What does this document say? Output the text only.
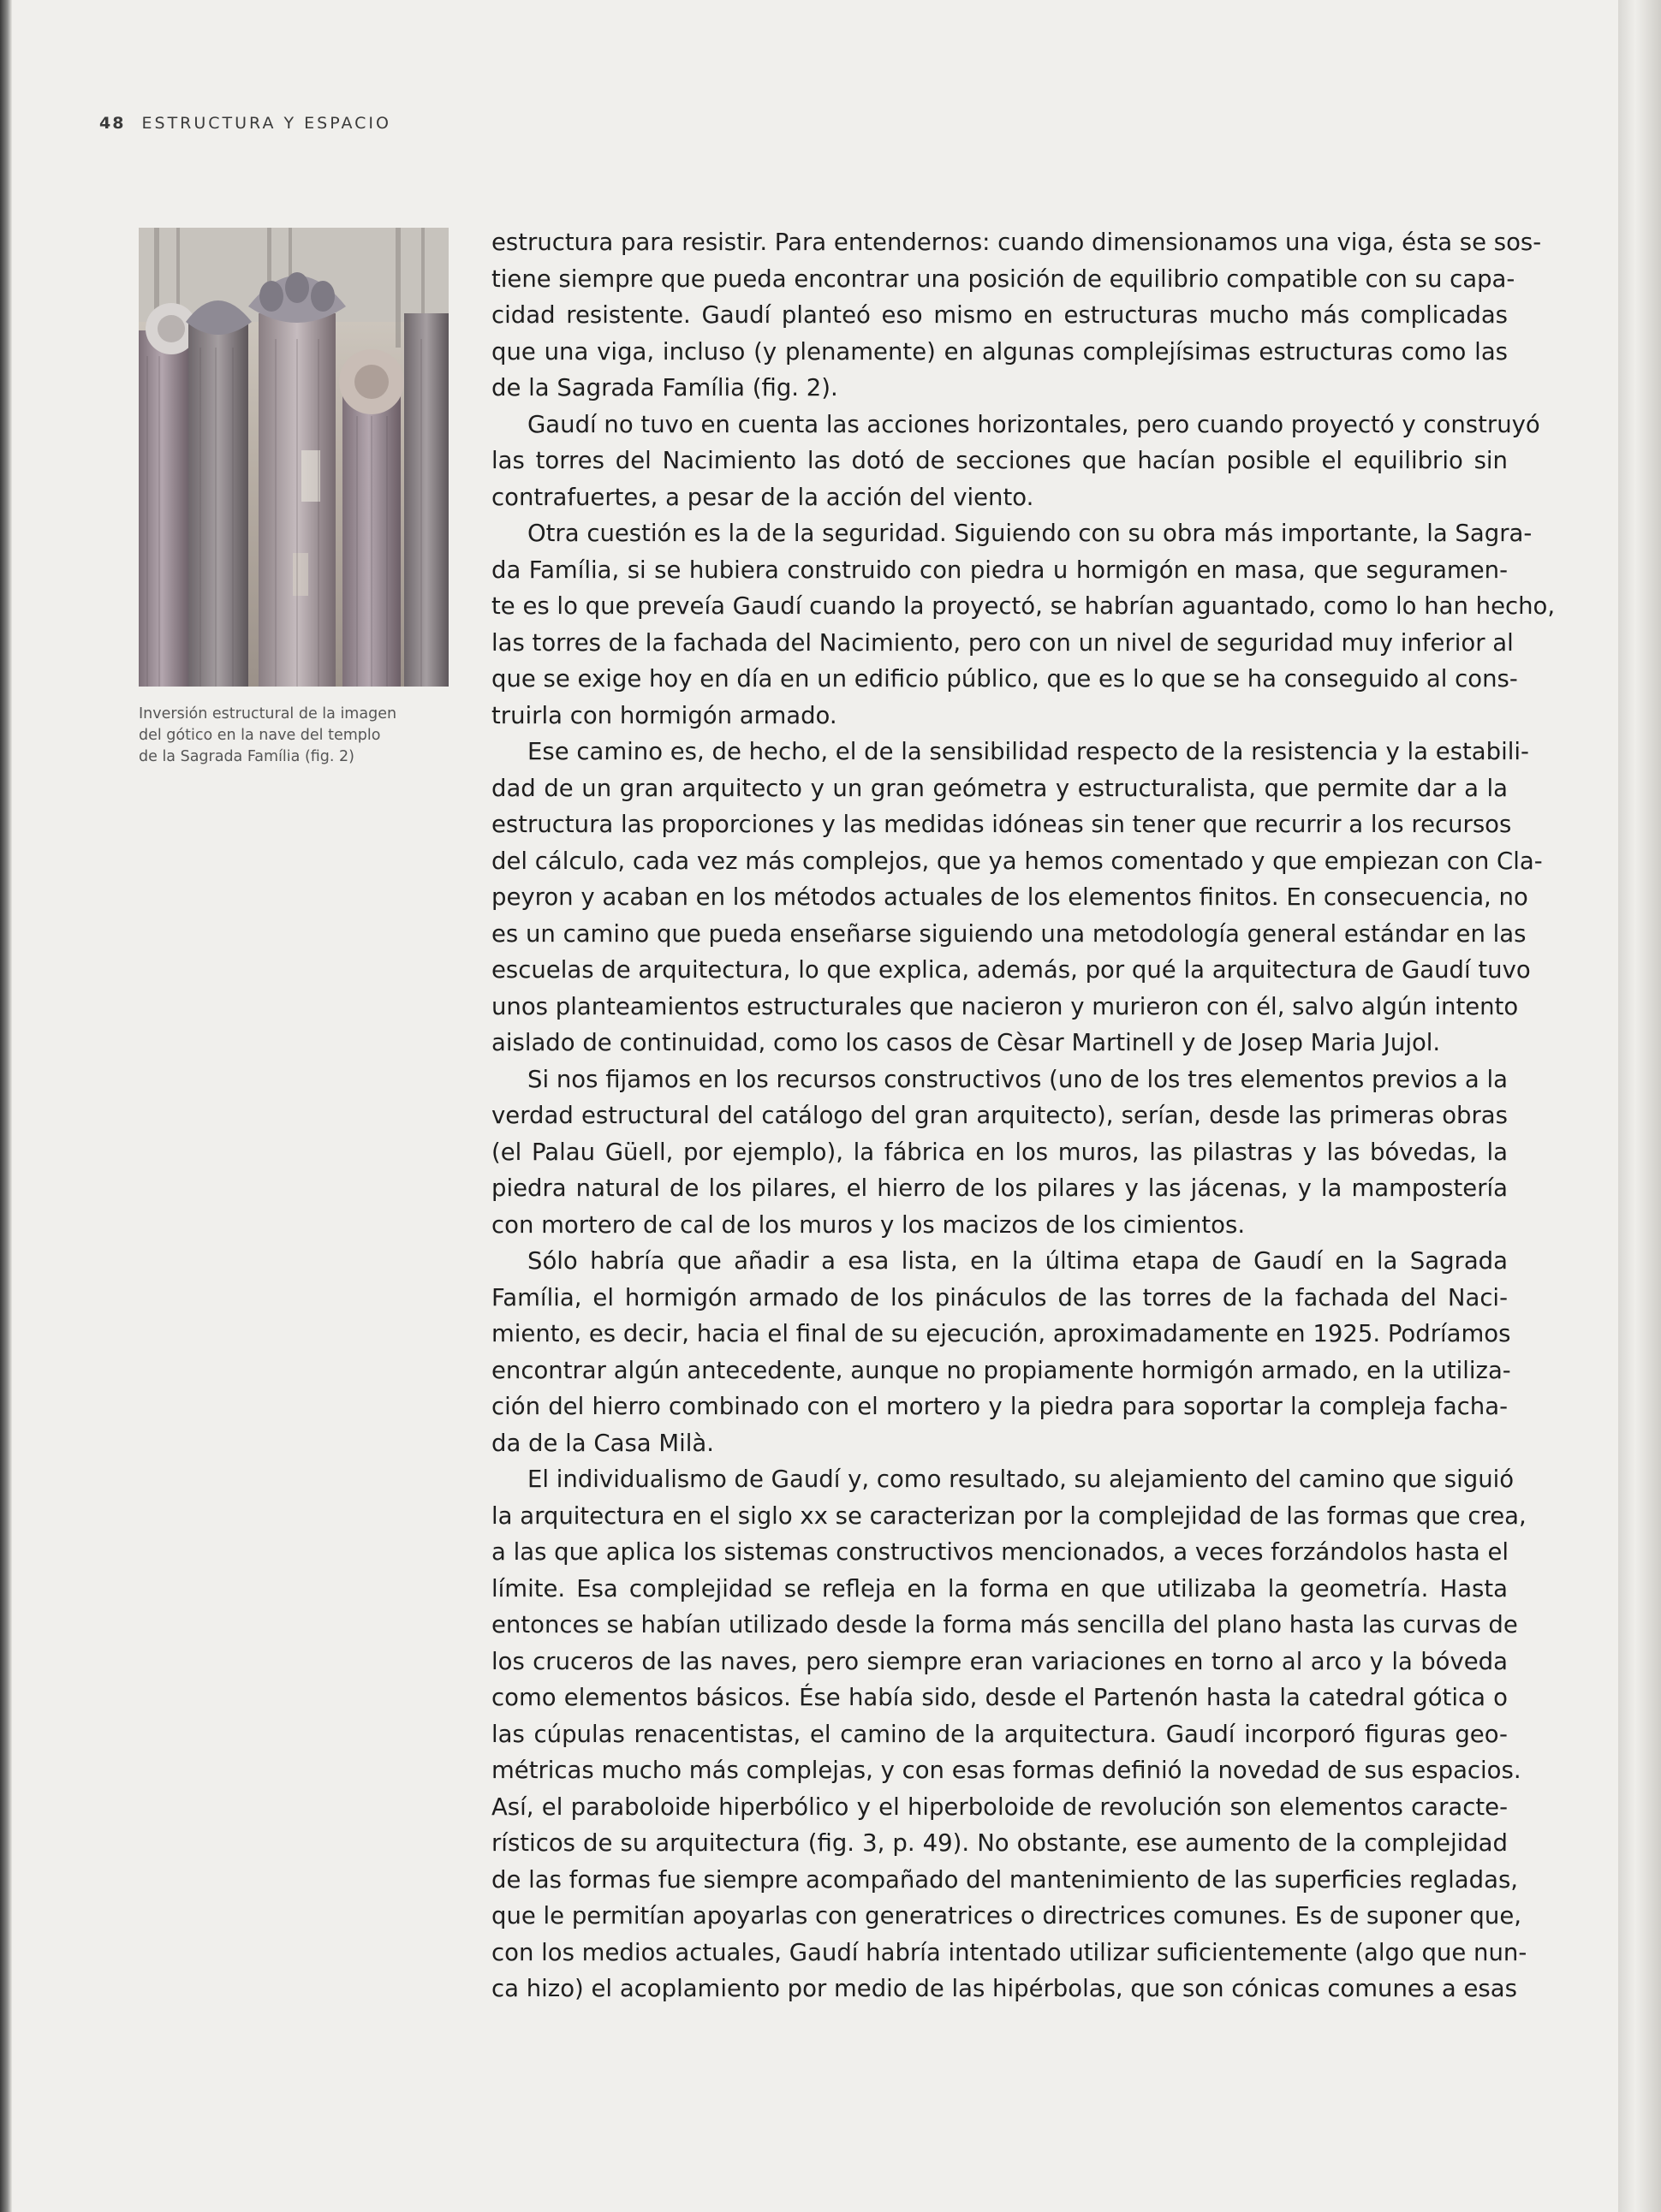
48 ESTRUCTURA Y ESPACIO

Inversión estructural de la imagen

del gótico en la nave del templo

de la Sagrada Família (fig. 2)

estructura para resistir. Para entendernos: cuando dimensionamos una viga, ésta se sos-
tiene siempre que pueda encontrar una posición de equilibrio compatible con su capa-
cidad resistente. Gaudí planteó eso mismo en estructuras mucho más complicadas
que una viga, incluso (y plenamente) en algunas complejísimas estructuras como las
de la Sagrada Família (fig. 2).
Gaudí no tuvo en cuenta las acciones horizontales, pero cuando proyectó y construyó
las torres del Nacimiento las dotó de secciones que hacían posible el equilibrio sin
contrafuertes, a pesar de la acción del viento.
Otra cuestión es la de la seguridad. Siguiendo con su obra más importante, la Sagra-
da Família, si se hubiera construido con piedra u hormigón en masa, que seguramen-
te es lo que preveía Gaudí cuando la proyectó, se habrían aguantado, como lo han hecho,
las torres de la fachada del Nacimiento, pero con un nivel de seguridad muy inferior al
que se exige hoy en día en un edificio público, que es lo que se ha conseguido al cons-
truirla con hormigón armado.
Ese camino es, de hecho, el de la sensibilidad respecto de la resistencia y la estabili-
dad de un gran arquitecto y un gran geómetra y estructuralista, que permite dar a la
estructura las proporciones y las medidas idóneas sin tener que recurrir a los recursos
del cálculo, cada vez más complejos, que ya hemos comentado y que empiezan con Cla-
peyron y acaban en los métodos actuales de los elementos finitos. En consecuencia, no
es un camino que pueda enseñarse siguiendo una metodología general estándar en las
escuelas de arquitectura, lo que explica, además, por qué la arquitectura de Gaudí tuvo
unos planteamientos estructurales que nacieron y murieron con él, salvo algún intento
aislado de continuidad, como los casos de Cèsar Martinell y de Josep Maria Jujol.
Si nos fijamos en los recursos constructivos (uno de los tres elementos previos a la
verdad estructural del catálogo del gran arquitecto), serían, desde las primeras obras
(el Palau Güell, por ejemplo), la fábrica en los muros, las pilastras y las bóvedas, la
piedra natural de los pilares, el hierro de los pilares y las jácenas, y la mampostería
con mortero de cal de los muros y los macizos de los cimientos.
Sólo habría que añadir a esa lista, en la última etapa de Gaudí en la Sagrada
Família, el hormigón armado de los pináculos de las torres de la fachada del Naci-
miento, es decir, hacia el final de su ejecución, aproximadamente en 1925. Podríamos
encontrar algún antecedente, aunque no propiamente hormigón armado, en la utiliza-
ción del hierro combinado con el mortero y la piedra para soportar la compleja facha-
da de la Casa Milà.
El individualismo de Gaudí y, como resultado, su alejamiento del camino que siguió
la arquitectura en el siglo xx se caracterizan por la complejidad de las formas que crea,
a las que aplica los sistemas constructivos mencionados, a veces forzándolos hasta el
límite. Esa complejidad se refleja en la forma en que utilizaba la geometría. Hasta
entonces se habían utilizado desde la forma más sencilla del plano hasta las curvas de
los cruceros de las naves, pero siempre eran variaciones en torno al arco y la bóveda
como elementos básicos. Ése había sido, desde el Partenón hasta la catedral gótica o
las cúpulas renacentistas, el camino de la arquitectura. Gaudí incorporó figuras geo-
métricas mucho más complejas, y con esas formas definió la novedad de sus espacios.
Así, el paraboloide hiperbólico y el hiperboloide de revolución son elementos caracte-
rísticos de su arquitectura (fig. 3, p. 49). No obstante, ese aumento de la complejidad
de las formas fue siempre acompañado del mantenimiento de las superficies regladas,
que le permitían apoyarlas con generatrices o directrices comunes. Es de suponer que,
con los medios actuales, Gaudí habría intentado utilizar suficientemente (algo que nun-
ca hizo) el acoplamiento por medio de las hipérbolas, que son cónicas comunes a esas
